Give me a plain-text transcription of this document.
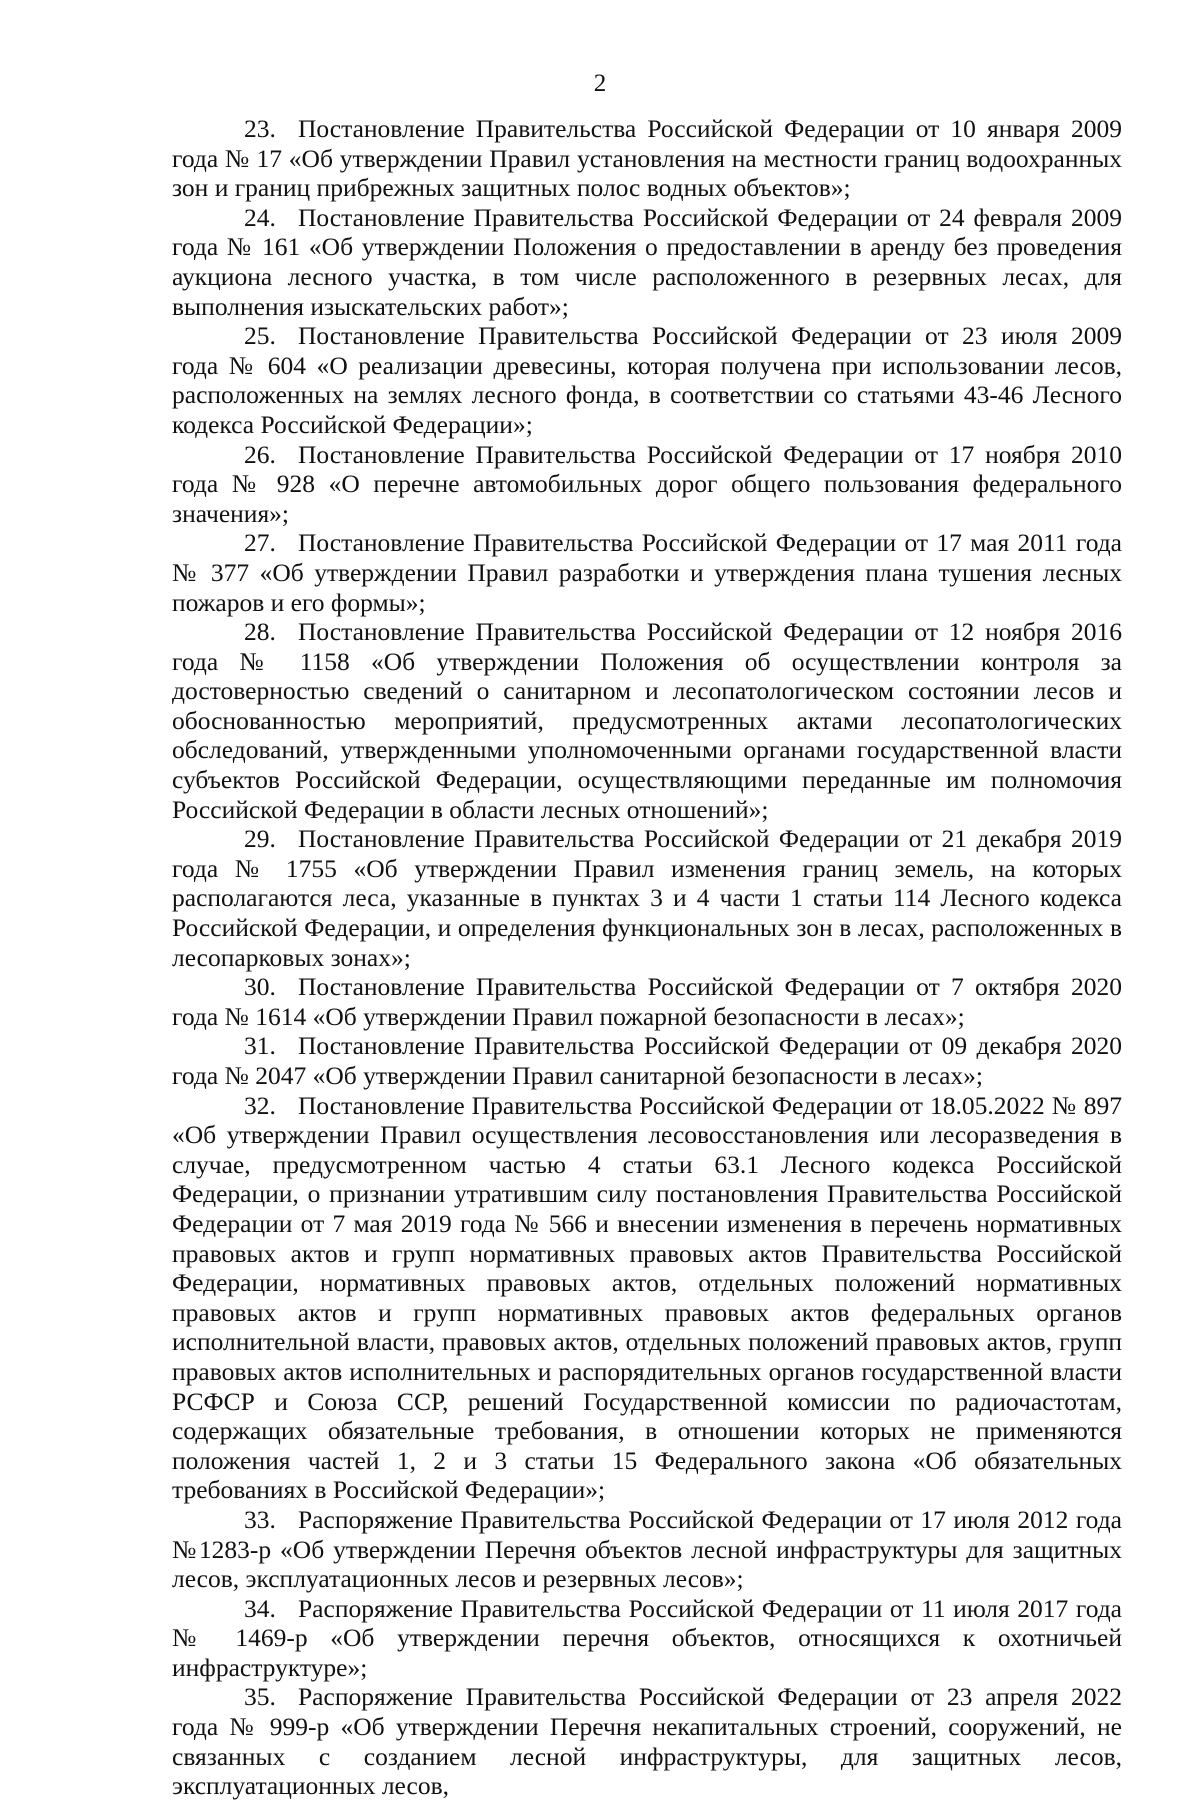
2

23. Постановление Правительства Российской Федерации от 10 января 2009 года № 17 «Об утверждении Правил установления на местности границ водоохранных зон и границ прибрежных защитных полос водных объектов»;

24. Постановление Правительства Российской Федерации от 24 февраля 2009 года № 161 «Об утверждении Положения о предоставлении в аренду без проведения аукциона лесного участка, в том числе расположенного в резервных лесах, для выполнения изыскательских работ»;

25. Постановление Правительства Российской Федерации от 23 июля 2009 года № 604 «О реализации древесины, которая получена при использовании лесов, расположенных на землях лесного фонда, в соответствии со статьями 43-46 Лесного кодекса Российской Федерации»;

26. Постановление Правительства Российской Федерации от 17 ноября 2010 года № 928 «О перечне автомобильных дорог общего пользования федерального значения»;

27. Постановление Правительства Российской Федерации от 17 мая 2011 года № 377 «Об утверждении Правил разработки и утверждения плана тушения лесных пожаров и его формы»;

28. Постановление Правительства Российской Федерации от 12 ноября 2016 года № 1158 «Об утверждении Положения об осуществлении контроля за достоверностью сведений о санитарном и лесопатологическом состоянии лесов и обоснованностью мероприятий, предусмотренных актами лесопатологических обследований, утвержденными уполномоченными органами государственной власти субъектов Российской Федерации, осуществляющими переданные им полномочия Российской Федерации в области лесных отношений»;

29. Постановление Правительства Российской Федерации от 21 декабря 2019 года № 1755 «Об утверждении Правил изменения границ земель, на которых располагаются леса, указанные в пунктах 3 и 4 части 1 статьи 114 Лесного кодекса Российской Федерации, и определения функциональных зон в лесах, расположенных в лесопарковых зонах»;

30. Постановление Правительства Российской Федерации от 7 октября 2020 года № 1614 «Об утверждении Правил пожарной безопасности в лесах»;

31. Постановление Правительства Российской Федерации от 09 декабря 2020 года № 2047 «Об утверждении Правил санитарной безопасности в лесах»;

32. Постановление Правительства Российской Федерации от 18.05.2022 № 897 «Об утверждении Правил осуществления лесовосстановления или лесоразведения в случае, предусмотренном частью 4 статьи 63.1 Лесного кодекса Российской Федерации, о признании утратившим силу постановления Правительства Российской Федерации от 7 мая 2019 года № 566 и внесении изменения в перечень нормативных правовых актов и групп нормативных правовых актов Правительства Российской Федерации, нормативных правовых актов, отдельных положений нормативных правовых актов и групп нормативных правовых актов федеральных органов исполнительной власти, правовых актов, отдельных положений правовых актов, групп правовых актов исполнительных и распорядительных органов государственной власти РСФСР и Союза ССР, решений Государственной комиссии по радиочастотам, содержащих обязательные требования, в отношении которых не применяются положения частей 1, 2 и 3 статьи 15 Федерального закона «Об обязательных требованиях в Российской Федерации»;

33. Распоряжение Правительства Российской Федерации от 17 июля 2012 года №1283-р «Об утверждении Перечня объектов лесной инфраструктуры для защитных лесов, эксплуатационных лесов и резервных лесов»;

34. Распоряжение Правительства Российской Федерации от 11 июля 2017 года № 1469-р «Об утверждении перечня объектов, относящихся к охотничьей инфраструктуре»;

35. Распоряжение Правительства Российской Федерации от 23 апреля 2022 года № 999-р «Об утверждении Перечня некапитальных строений, сооружений, не связанных с созданием лесной инфраструктуры, для защитных лесов, эксплуатационных лесов,
